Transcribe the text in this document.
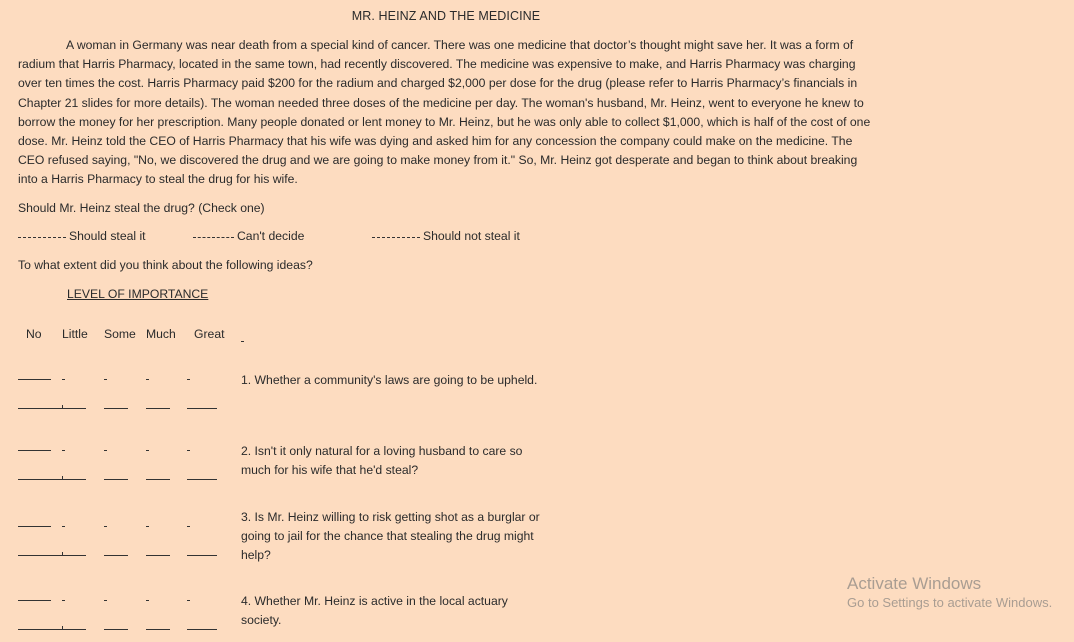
MR. HEINZ AND THE MEDICINE

A woman in Germany was near death from a special kind of cancer. There was one medicine that doctor’s thought might save her. It was a form of radium that Harris Pharmacy, located in the same town, had recently discovered. The medicine was expensive to make, and Harris Pharmacy was charging over ten times the cost. Harris Pharmacy paid $200 for the radium and charged $2,000 per dose for the drug (please refer to Harris Pharmacy’s financials in Chapter 21 slides for more details). The woman needed three doses of the medicine per day. The woman's husband, Mr. Heinz, went to everyone he knew to borrow the money for her prescription. Many people donated or lent money to Mr. Heinz, but he was only able to collect $1,000, which is half of the cost of one dose. Mr. Heinz told the CEO of Harris Pharmacy that his wife was dying and asked him for any concession the company could make on the medicine. The CEO refused saying, "No, we discovered the drug and we are going to make money from it." So, Mr. Heinz got desperate and began to think about breaking into a Harris Pharmacy to steal the drug for his wife.

Should Mr. Heinz steal the drug? (Check one)
Should steal it	Can't decide	Should not steal it
To what extent did you think about the following ideas?
LEVEL OF IMPORTANCE
No Little Some Much Great
1. Whether a community's laws are going to be upheld.
2. Isn't it only natural for a loving husband to care so much for his wife that he'd steal?
3. Is Mr. Heinz willing to risk getting shot as a burglar or going to jail for the chance that stealing the drug might help?
4. Whether Mr. Heinz is active in the local actuary society.
Activate Windows
Go to Settings to activate Windows.
